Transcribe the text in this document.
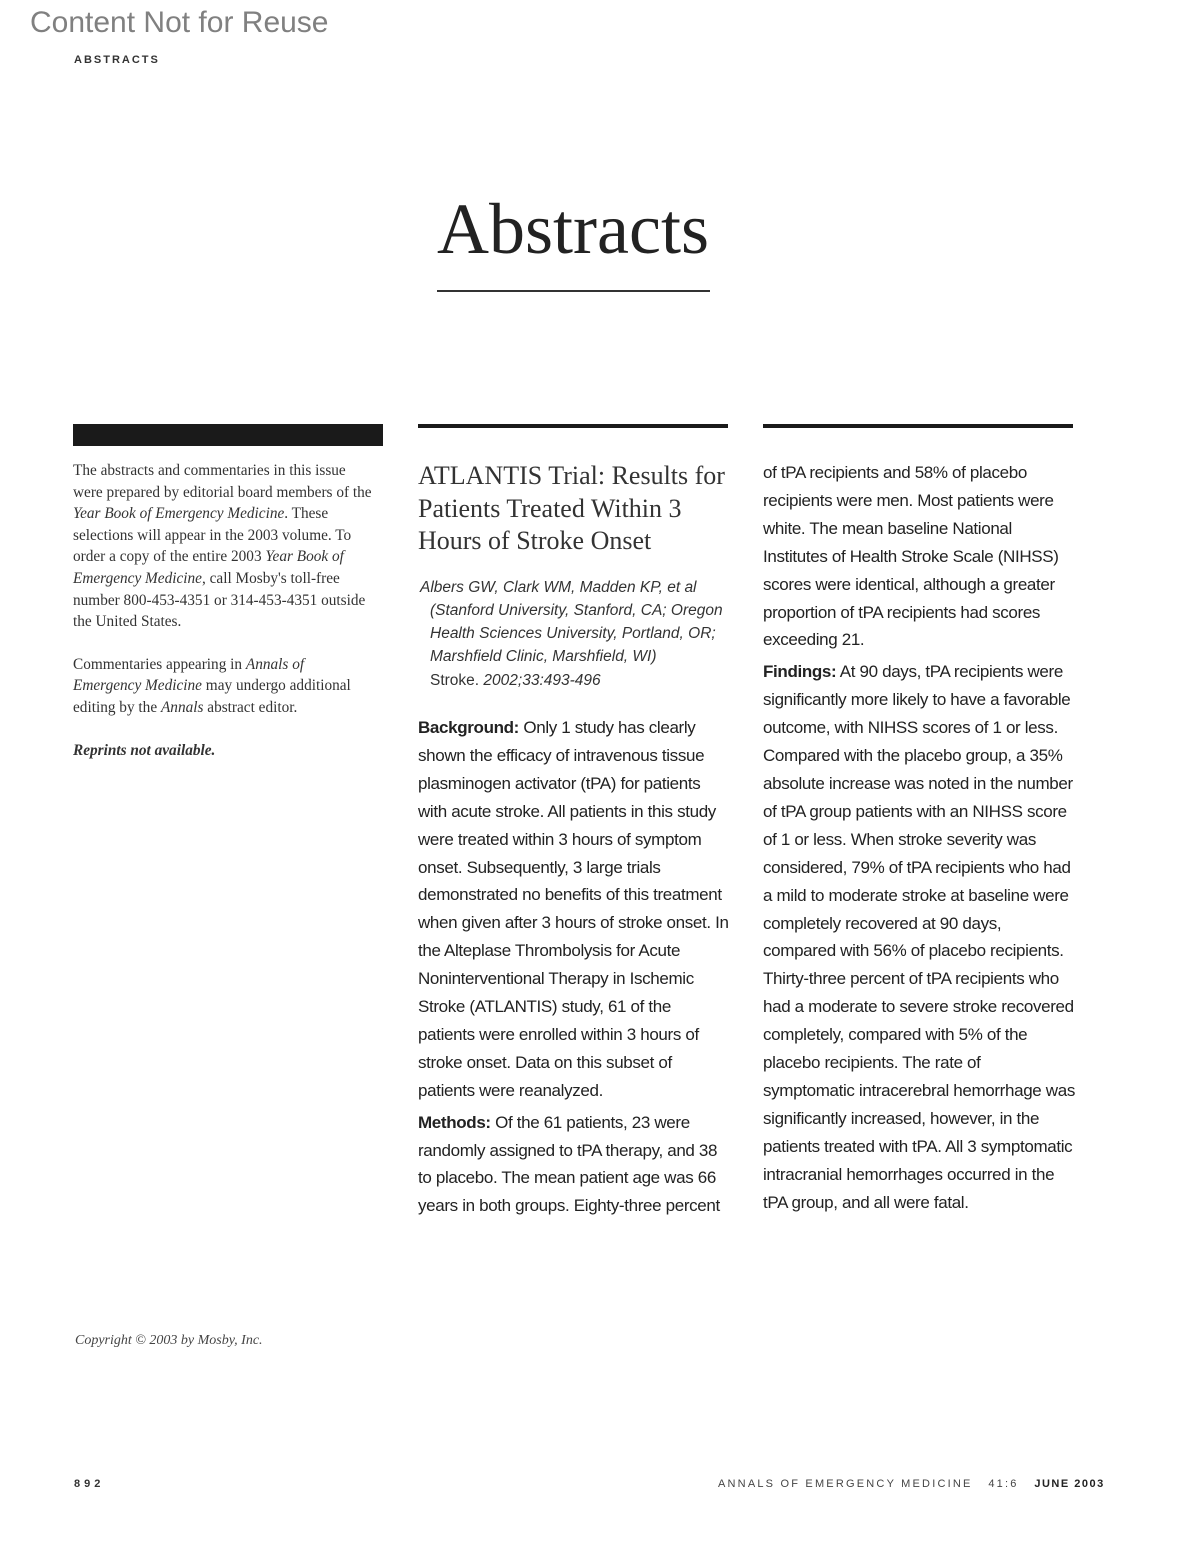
Content Not for Reuse
ABSTRACTS
Abstracts

The abstracts and commentaries in this issue were prepared by editorial board members of the Year Book of Emergency Medicine. These selections will appear in the 2003 volume. To order a copy of the entire 2003 Year Book of Emergency Medicine, call Mosby's toll-free number 800-453-4351 or 314-453-4351 outside the United States.

Commentaries appearing in Annals of Emergency Medicine may undergo additional editing by the Annals abstract editor.

Reprints not available.

Copyright © 2003 by Mosby, Inc.
ATLANTIS Trial: Results for Patients Treated Within 3 Hours of Stroke Onset
Albers GW, Clark WM, Madden KP, et al
(Stanford University, Stanford, CA; Oregon Health Sciences University, Portland, OR; Marshfield Clinic, Marshfield, WI)
Stroke. 2002;33:493-496

Background: Only 1 study has clearly shown the efficacy of intravenous tissue plasminogen activator (tPA) for patients with acute stroke. All patients in this study were treated within 3 hours of symptom onset. Subsequently, 3 large trials demonstrated no benefits of this treatment when given after 3 hours of stroke onset. In the Alteplase Thrombolysis for Acute Noninterventional Therapy in Ischemic Stroke (ATLANTIS) study, 61 of the patients were enrolled within 3 hours of stroke onset. Data on this subset of patients were reanalyzed.

Methods: Of the 61 patients, 23 were randomly assigned to tPA therapy, and 38 to placebo. The mean patient age was 66 years in both groups. Eighty-three percent

of tPA recipients and 58% of placebo recipients were men. Most patients were white. The mean baseline National Institutes of Health Stroke Scale (NIHSS) scores were identical, although a greater proportion of tPA recipients had scores exceeding 21.

Findings: At 90 days, tPA recipients were significantly more likely to have a favorable outcome, with NIHSS scores of 1 or less. Compared with the placebo group, a 35% absolute increase was noted in the number of tPA group patients with an NIHSS score of 1 or less. When stroke severity was considered, 79% of tPA recipients who had a mild to moderate stroke at baseline were completely recovered at 90 days, compared with 56% of placebo recipients. Thirty-three percent of tPA recipients who had a moderate to severe stroke recovered completely, compared with 5% of the placebo recipients. The rate of symptomatic intracerebral hemorrhage was significantly increased, however, in the patients treated with tPA. All 3 symptomatic intracranial hemorrhages occurred in the tPA group, and all were fatal.

892	ANNALS OF EMERGENCY MEDICINE 41:6 JUNE 2003
